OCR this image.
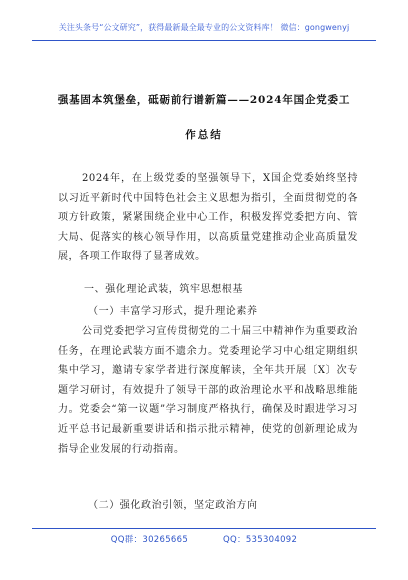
关注头条号“公文研究”，获得最新最全最专业的公文资料库！ 微信：gongwenyj
强基固本筑堡垒，砥砺前行谱新篇——2024年国企党委工
作总结
2024年，在上级党委的坚强领导下，X国企党委始终坚持以习近平新时代中国特色社会主义思想为指引，全面贯彻党的各项方针政策，紧紧围绕企业中心工作，积极发挥党委把方向、管大局、促落实的核心领导作用，以高质量党建推动企业高质量发展，各项工作取得了显著成效。
一、强化理论武装，筑牢思想根基
（一）丰富学习形式，提升理论素养
公司党委把学习宣传贯彻党的二十届三中精神作为重要政治任务，在理论武装方面不遗余力。党委理论学习中心组定期组织集中学习，邀请专家学者进行深度解读，全年共开展〔X〕次专题学习研讨，有效提升了领导干部的政治理论水平和战略思维能力。党委会“第一议题”学习制度严格执行，确保及时跟进学习习近平总书记最新重要讲话和指示批示精神，使党的创新理论成为指导企业发展的行动指南。
（二）强化政治引领，坚定政治方向
QQ群：30265665	QQ：535304092
